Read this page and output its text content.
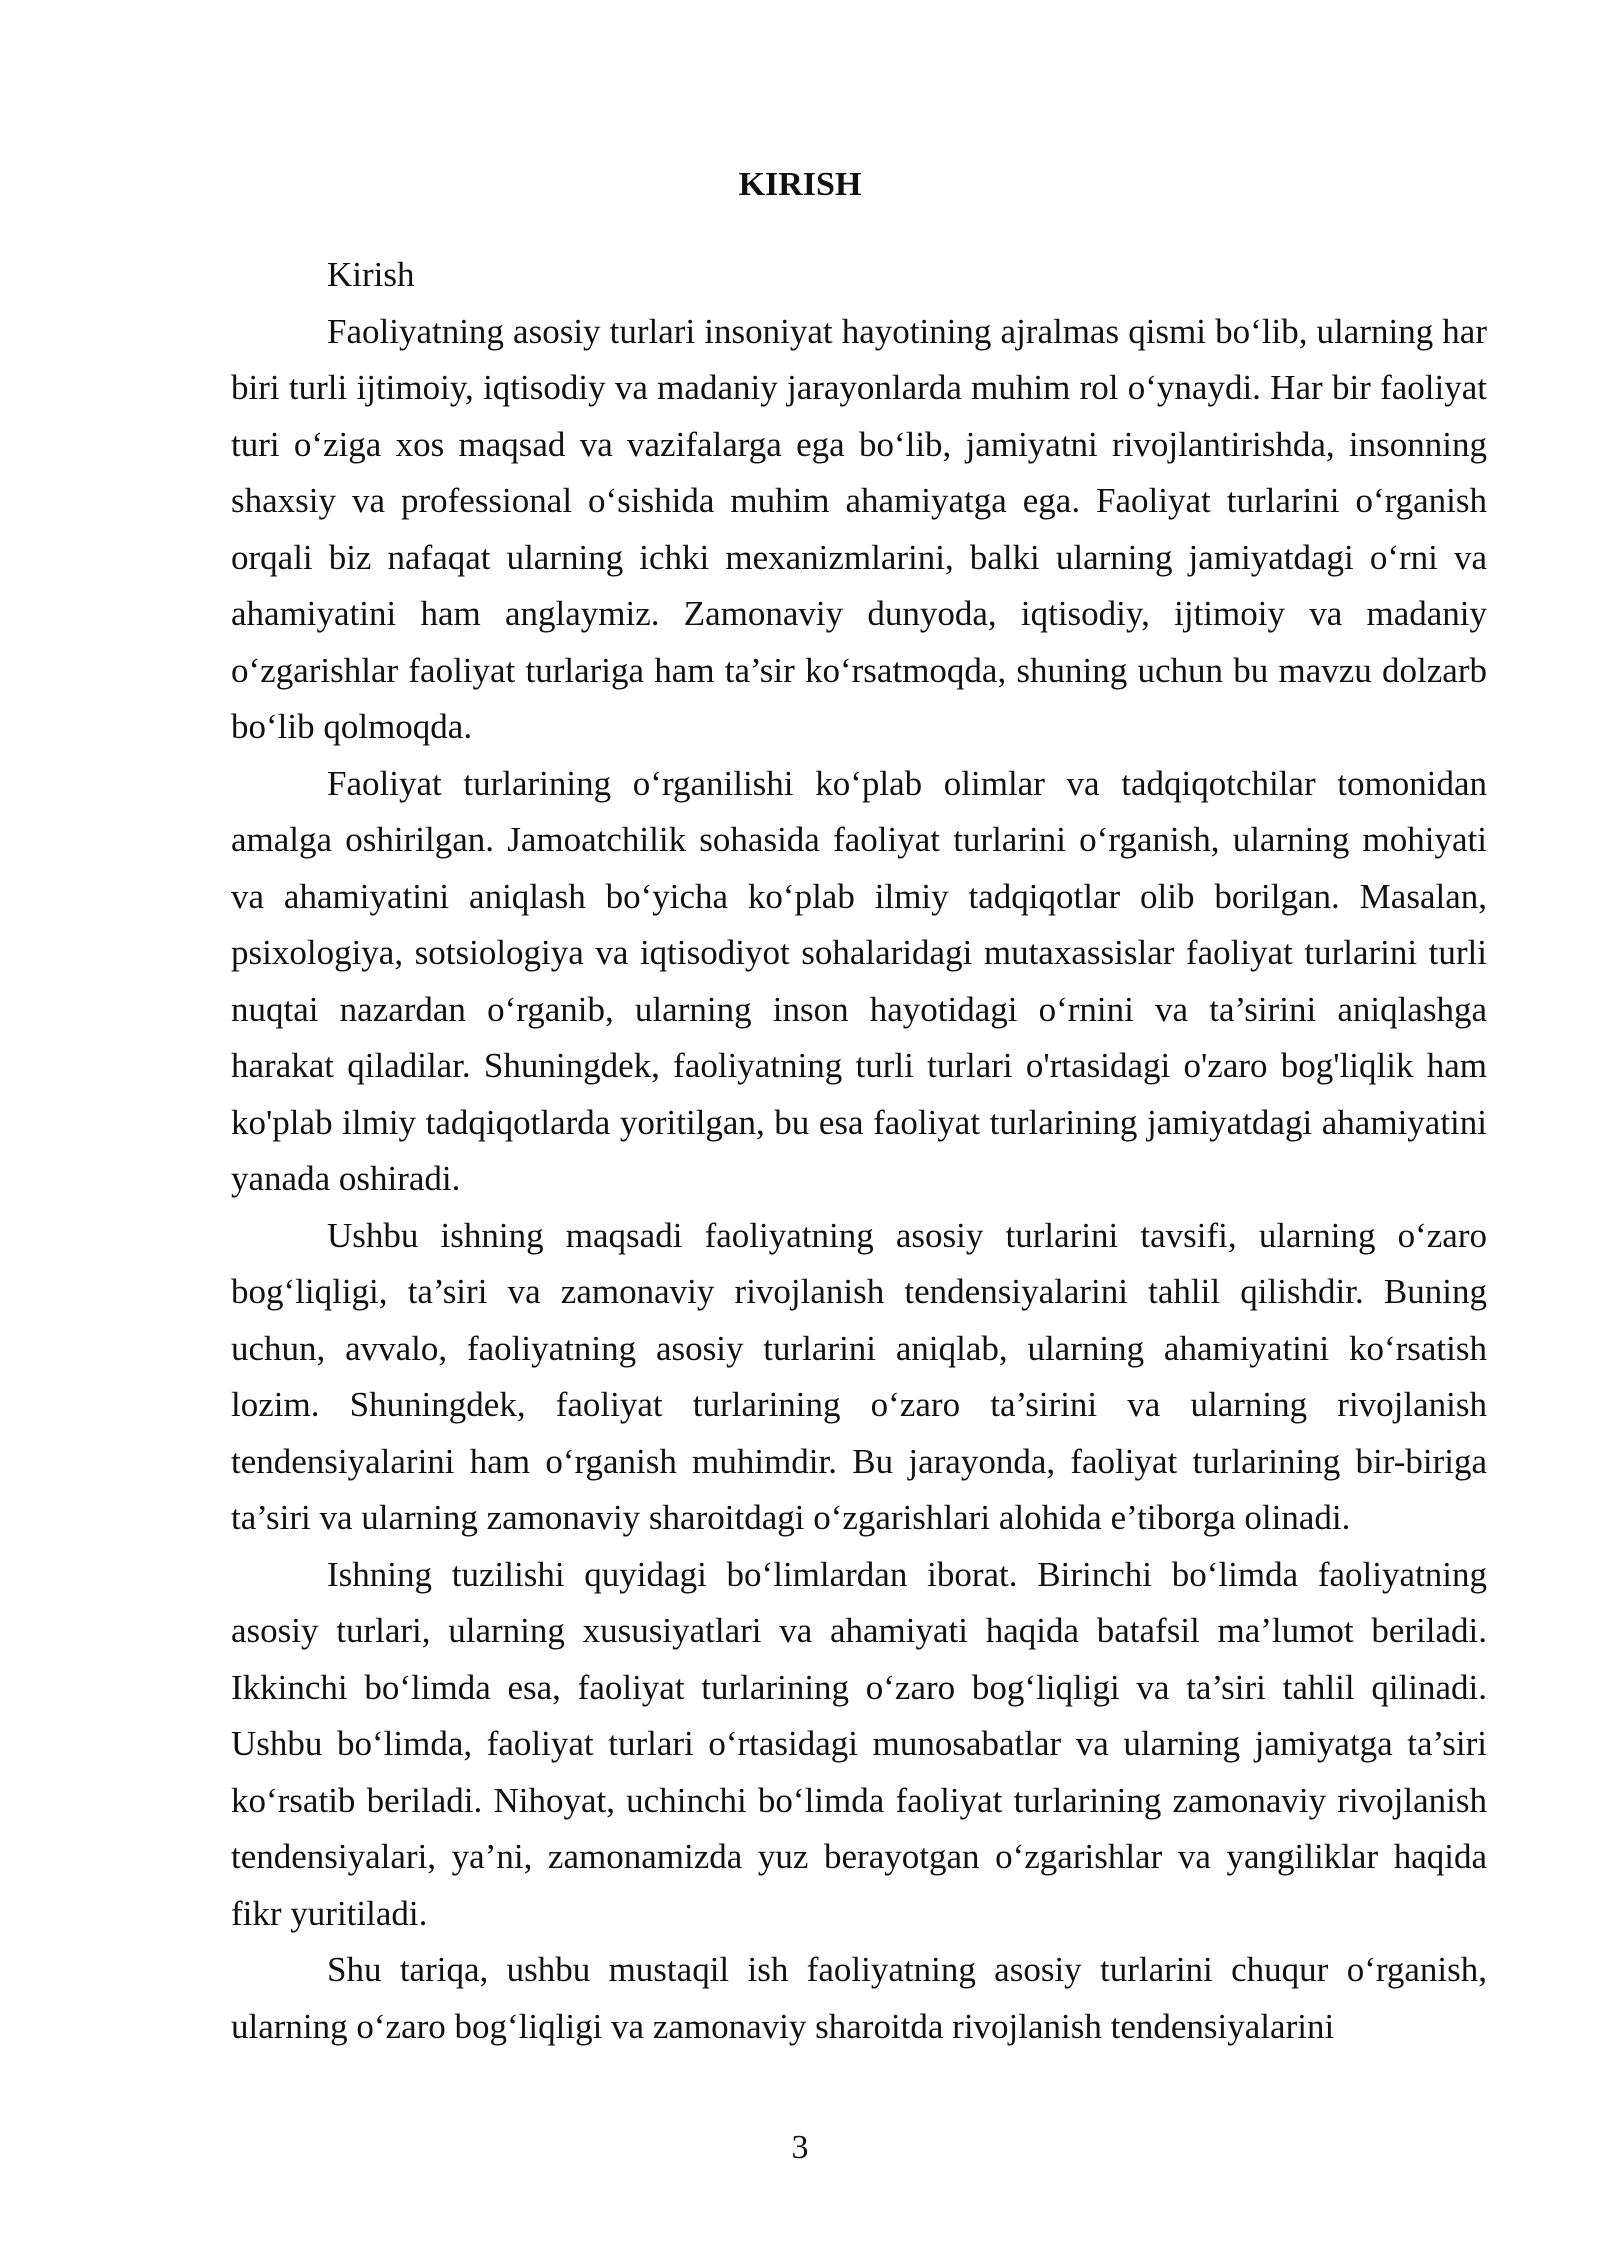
KIRISH

Kirish

Faoliyatning asosiy turlari insoniyat hayotining ajralmas qismi bo‘lib, ularning har biri turli ijtimoiy, iqtisodiy va madaniy jarayonlarda muhim rol o‘ynaydi. Har bir faoliyat turi o‘ziga xos maqsad va vazifalarga ega bo‘lib, jamiyatni rivojlantirishda, insonning shaxsiy va professional o‘sishida muhim ahamiyatga ega. Faoliyat turlarini o‘rganish orqali biz nafaqat ularning ichki mexanizmlarini, balki ularning jamiyatdagi o‘rni va ahamiyatini ham anglaymiz. Zamonaviy dunyoda, iqtisodiy, ijtimoiy va madaniy o‘zgarishlar faoliyat turlariga ham ta’sir ko‘rsatmoqda, shuning uchun bu mavzu dolzarb bo‘lib qolmoqda.

Faoliyat turlarining o‘rganilishi ko‘plab olimlar va tadqiqotchilar tomonidan amalga oshirilgan. Jamoatchilik sohasida faoliyat turlarini o‘rganish, ularning mohiyati va ahamiyatini aniqlash bo‘yicha ko‘plab ilmiy tadqiqotlar olib borilgan. Masalan, psixologiya, sotsiologiya va iqtisodiyot sohalaridagi mutaxassislar faoliyat turlarini turli nuqtai nazardan o‘rganib, ularning inson hayotidagi o‘rnini va ta’sirini aniqlashga harakat qiladilar. Shuningdek, faoliyatning turli turlari o'rtasidagi o'zaro bog'liqlik ham ko'plab ilmiy tadqiqotlarda yoritilgan, bu esa faoliyat turlarining jamiyatdagi ahamiyatini yanada oshiradi.

Ushbu ishning maqsadi faoliyatning asosiy turlarini tavsifi, ularning o‘zaro bog‘liqligi, ta’siri va zamonaviy rivojlanish tendensiyalarini tahlil qilishdir. Buning uchun, avvalo, faoliyatning asosiy turlarini aniqlab, ularning ahamiyatini ko‘rsatish lozim. Shuningdek, faoliyat turlarining o‘zaro ta’sirini va ularning rivojlanish tendensiyalarini ham o‘rganish muhimdir. Bu jarayonda, faoliyat turlarining bir-biriga ta’siri va ularning zamonaviy sharoitdagi o‘zgarishlari alohida e’tiborga olinadi.

Ishning tuzilishi quyidagi bo‘limlardan iborat. Birinchi bo‘limda faoliyatning asosiy turlari, ularning xususiyatlari va ahamiyati haqida batafsil ma’lumot beriladi. Ikkinchi bo‘limda esa, faoliyat turlarining o‘zaro bog‘liqligi va ta’siri tahlil qilinadi. Ushbu bo‘limda, faoliyat turlari o‘rtasidagi munosabatlar va ularning jamiyatga ta’siri ko‘rsatib beriladi. Nihoyat, uchinchi bo‘limda faoliyat turlarining zamonaviy rivojlanish tendensiyalari, ya’ni, zamonamizda yuz berayotgan o‘zgarishlar va yangiliklar haqida fikr yuritiladi.

Shu tariqa, ushbu mustaqil ish faoliyatning asosiy turlarini chuqur o‘rganish, ularning o‘zaro bog‘liqligi va zamonaviy sharoitda rivojlanish tendensiyalarini

3
